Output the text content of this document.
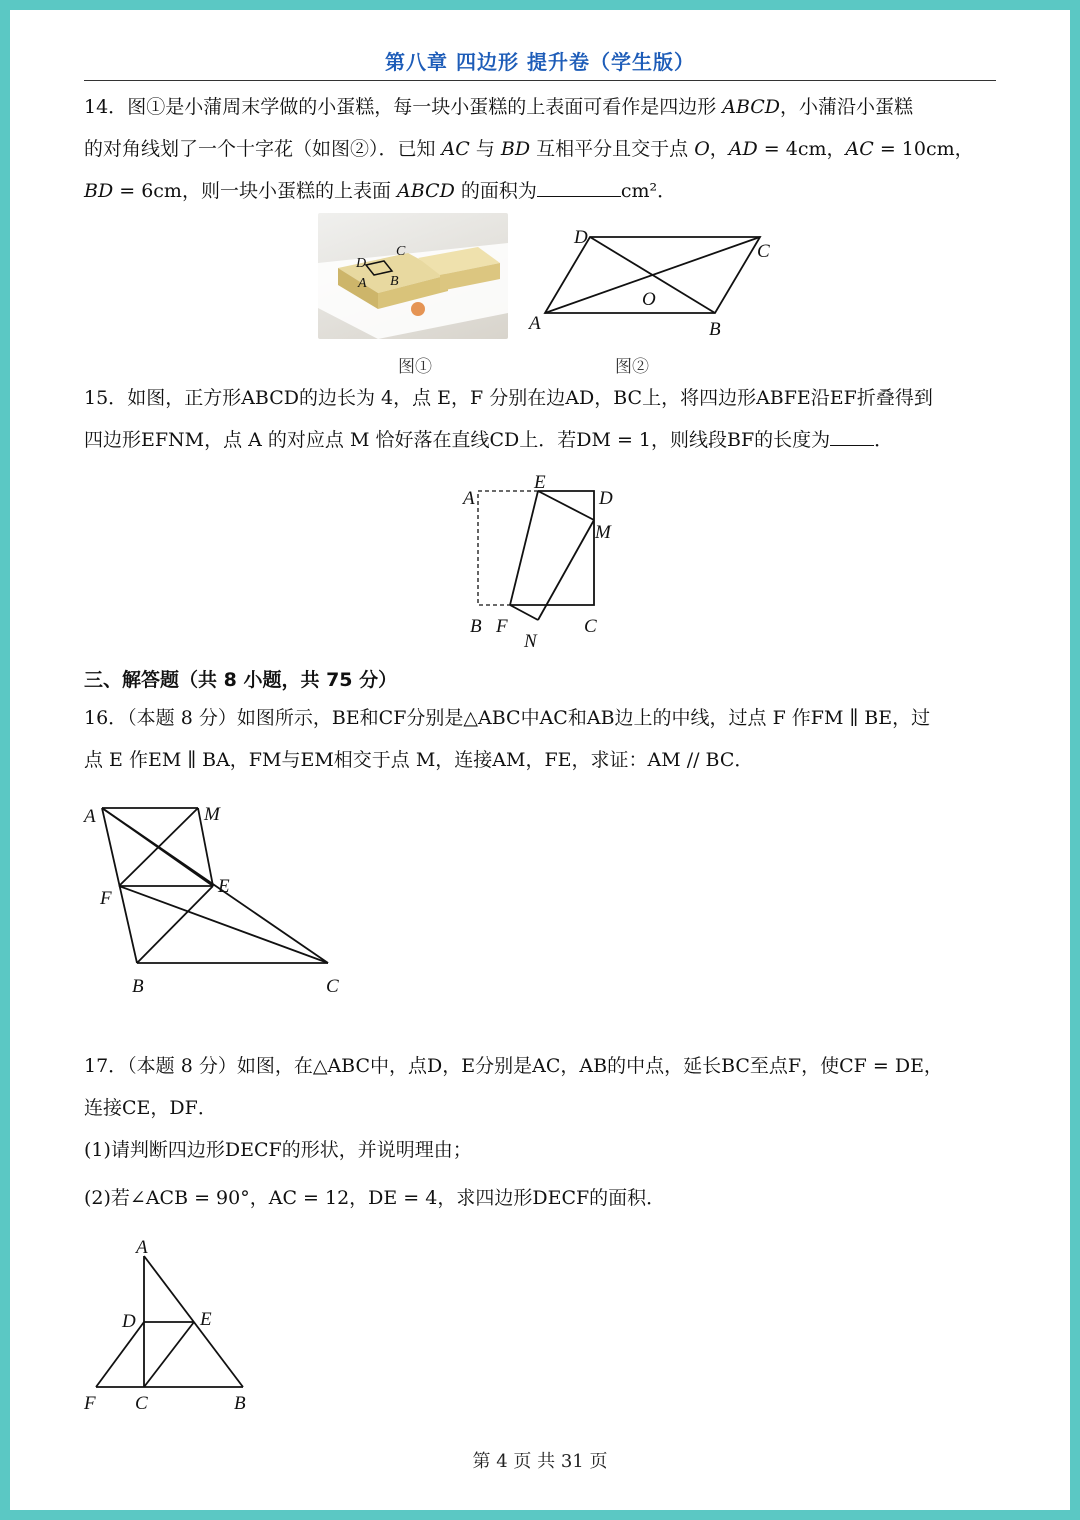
第八章 四边形 提升卷（学生版）
14．图①是小蒲周末学做的小蛋糕，每一块小蛋糕的上表面可看作是四边形 ABCD，小蒲沿小蛋糕
的对角线划了一个十字花（如图②）．已知 AC 与 BD 互相平分且交于点 O，AD = 4cm，AC = 10cm，
BD = 6cm，则一块小蛋糕的上表面 ABCD 的面积为	cm²．
D
C
A B
图①
D
C
A	B
O
图②
15．如图，正方形ABCD的边长为 4，点 E，F 分别在边AD，BC上，将四边形ABFE沿EF折叠得到
四边形EFNM，点 A 的对应点 M 恰好落在直线CD上．若DM = 1，则线段BF的长度为 ．
A
E
D
M
B F	C
N
三、解答题（共 8 小题，共 75 分）
16．（本题 8 分）如图所示，BE和CF分别是△ABC中AC和AB边上的中线，过点 F 作FM ∥ BE，过
点 E 作EM ∥ BA，FM与EM相交于点 M，连接AM，FE，求证：AM // BC．
A	M
F
E
B	C
17．（本题 8 分）如图，在△ABC中，点D，E分别是AC，AB的中点，延长BC至点F，使CF = DE，
连接CE，DF．
(1)请判断四边形DECF的形状，并说明理由；
(2)若∠ACB = 90°，AC = 12，DE = 4，求四边形DECF的面积．
A
D	E
F C	B
第 4 页 共 31 页
